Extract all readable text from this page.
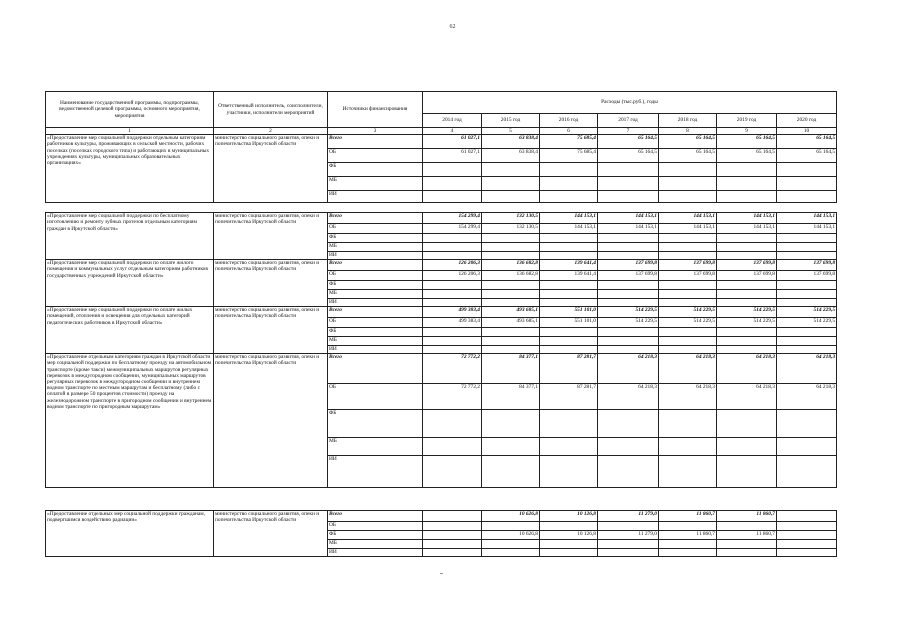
62
Наименование государственной программы, подпрограммы, ведомственной целевой программы, основного мероприятия, мероприятия	Ответственный исполнитель, соисполнители, участники, исполнители мероприятий	Источники финансирования	Расходы (тыс.руб.), годы						
			2014 год	2015 год	2016 год	2017 год	2018 год	2019 год	2020 год
1	2	3	4	5	6	7	8	9	10
«Предоставление мер социальной поддержки отдельным категориям работников культуры, проживающих в сельской местности, рабочих поселках (поселках городского типа) и работающих в муниципальных учреждениях культуры, муниципальных образовательных организациях»	министерство социального развития, опеки и попечительства Иркутской области	Всего	61 027,1	63 838,4	75 685,4	65 164,5	65 164,5	65 164,5	65 164,5
		ОБ	61 027,1	63 838,4	75 685,4	65 164,5	65 164,5	65 164,5	65 164,5
		ФБ							
		МБ							
		ИИ							

«Предоставление мер социальной поддержки по бесплатному изготовлению и ремонту зубных протезов отдельным категориям граждан в Иркутской области»	министерство социального развития, опеки и попечительства Иркутской области	Всего	154 299,4	132 130,5	144 153,1	144 153,1	144 153,1	144 153,1	144 153,1
		ОБ	154 299,4	132 130,5	144 153,1	144 153,1	144 153,1	144 153,1	144 153,1
		ФБ							
		МБ							
		ИИ							
«Предоставление мер социальной поддержки по оплате жилого помещения и коммунальных услуг отдельным категориям работников государственных учреждений Иркутской области»	министерство социального развития, опеки и попечительства Иркутской области	Всего	126 206,3	136 682,8	139 641,4	137 699,8	137 699,8	137 699,8	137 699,8
		ОБ	126 206,3	136 682,8	139 641,4	137 699,8	137 699,8	137 699,8	137 699,8
		ФБ							
		МБ							
		ИИ							
«Предоставление мер социальной поддержки по оплате жилых помещений, отопления и освещения для отдельных категорий педагогических работников в Иркутской области»	министерство социального развития, опеки и попечительства Иркутской области	Всего	499 383,4	493 685,1	551 101,0	514 229,5	514 229,5	514 229,5	514 229,5
		ОБ	499 383,4	493 685,1	551 101,0	514 229,5	514 229,5	514 229,5	514 229,5
		ФБ							
		МБ							
		ИИ							
«Предоставление отдельным категориям граждан в Иркутской области мер социальной поддержки по бесплатному проезду на автомобильном транспорте (кроме такси) межмуниципальных маршрутов регулярных перевозок в междугородном сообщении, муниципальных маршрутов регулярных перевозок в междугородном сообщении и внутреннем водном транспорте по местным маршрутам и бесплатному (либо с оплатой в размере 50 процентов стоимости) проезду на железнодорожном транспорте в пригородном сообщении и внутреннем водном транспорте по пригородным маршрутам»	министерство социального развития, опеки и попечительства Иркутской области	Всего	72 772,2	84 377,1	87 281,7	64 218,3	64 218,3	64 218,3	64 218,3
		ОБ	72 772,2	84 377,1	87 281,7	64 218,3	64 218,3	64 218,3	64 218,3
		ФБ							
		МБ							
		ИИ							

«Предоставление отдельных мер социальной поддержки гражданам, подвергшимся воздействию радиации»	министерство социального развития, опеки и попечительства Иркутской области	Всего		10 626,8	10 126,8	11 279,0	11 860,7	11 860,7	
		ОБ							
		ФБ		10 626,8	10 126,8	11 279,0	11 860,7	11 860,7	
		МБ							
		ИИ							
